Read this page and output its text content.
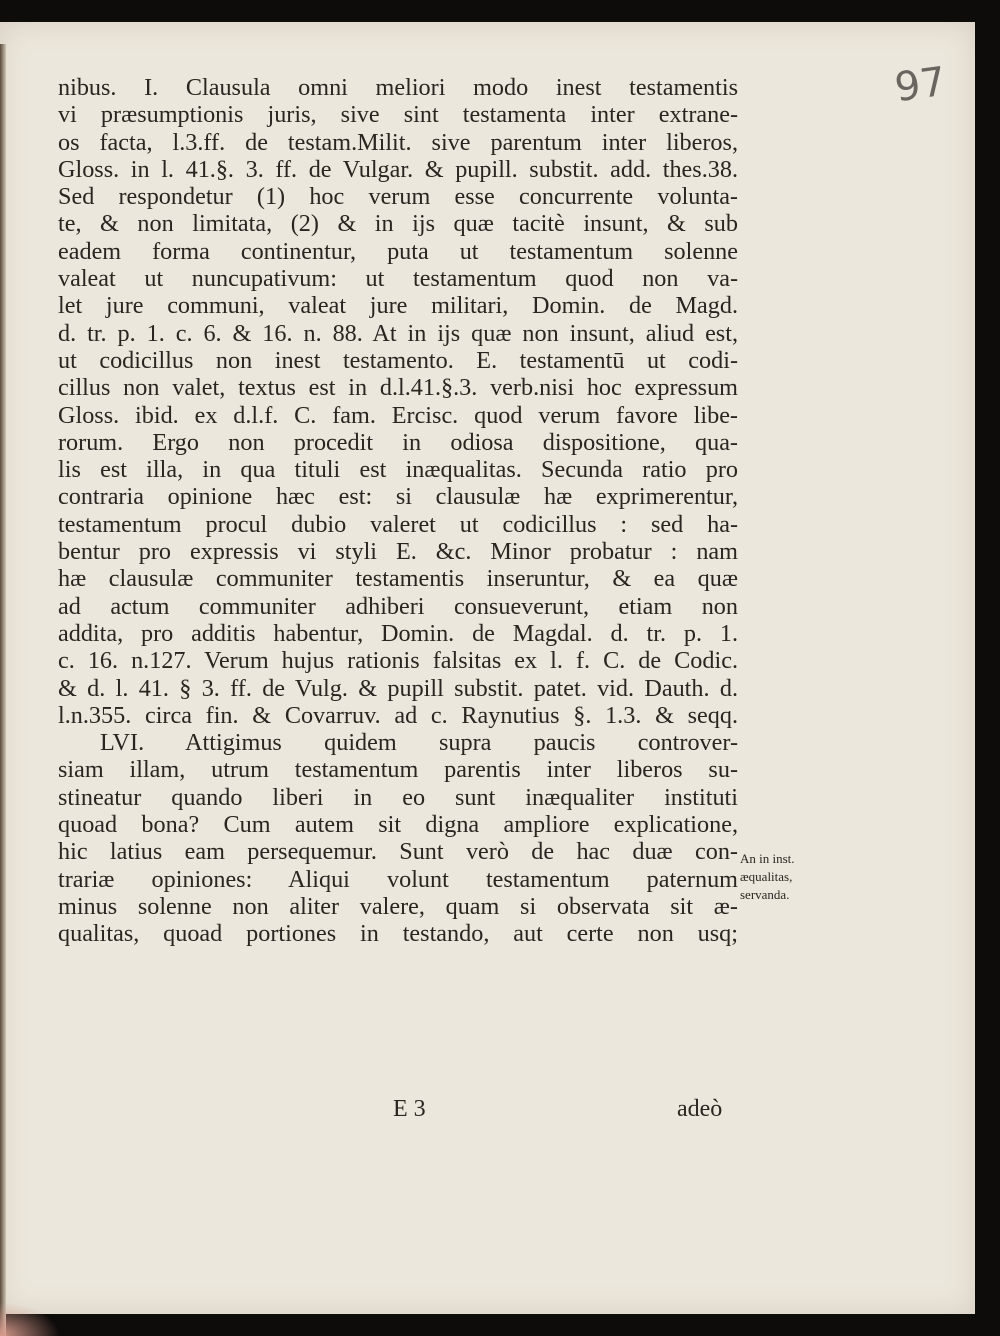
97
nibus. I. Clausula omni meliori modo inest testamentis
vi præsumptionis juris, sive sint testamenta inter extrane-
os facta, l.3.ff. de testam.Milit. sive parentum inter liberos,
Gloss. in l. 41.§. 3. ff. de Vulgar. & pupill. substit. add. thes.38.
Sed respondetur (1) hoc verum esse concurrente volunta-
te, & non limitata, (2) & in ijs quæ tacitè insunt, & sub
eadem forma continentur, puta ut testamentum solenne
valeat ut nuncupativum: ut testamentum quod non va-
let jure communi, valeat jure militari, Domin. de Magd.
d. tr. p. 1. c. 6. & 16. n. 88. At in ijs quæ non insunt, aliud est,
ut codicillus non inest testamento. E. testamentū ut codi-
cillus non valet, textus est in d.l.41.§.3. verb.nisi hoc expressum
Gloss. ibid. ex d.l.f. C. fam. Ercisc. quod verum favore libe-
rorum. Ergo non procedit in odiosa dispositione, qua-
lis est illa, in qua tituli est inæqualitas. Secunda ratio pro
contraria opinione hæc est: si clausulæ hæ exprimerentur,
testamentum procul dubio valeret ut codicillus : sed ha-
bentur pro expressis vi styli E. &c. Minor probatur : nam
hæ clausulæ communiter testamentis inseruntur, & ea quæ
ad actum communiter adhiberi consueverunt, etiam non
addita, pro additis habentur, Domin. de Magdal. d. tr. p. 1.
c. 16. n.127. Verum hujus rationis falsitas ex l. f. C. de Codic.
& d. l. 41. § 3. ff. de Vulg. & pupill substit. patet. vid. Dauth. d.
l.n.355. circa fin. & Covarruv. ad c. Raynutius §. 1.3. & seqq.
LVI. Attigimus quidem supra paucis controver-
siam illam, utrum testamentum parentis inter liberos su-
stineatur quando liberi in eo sunt inæqualiter instituti
quoad bona? Cum autem sit digna ampliore explicatione,
hic latius eam persequemur. Sunt verò de hac duæ con-
trariæ opiniones: Aliqui volunt testamentum paternum
minus solenne non aliter valere, quam si observata sit æ-
qualitas, quoad portiones in testando, aut certe non usq;
An in inst.
æqualitas,
servanda.
E 3	adeò
